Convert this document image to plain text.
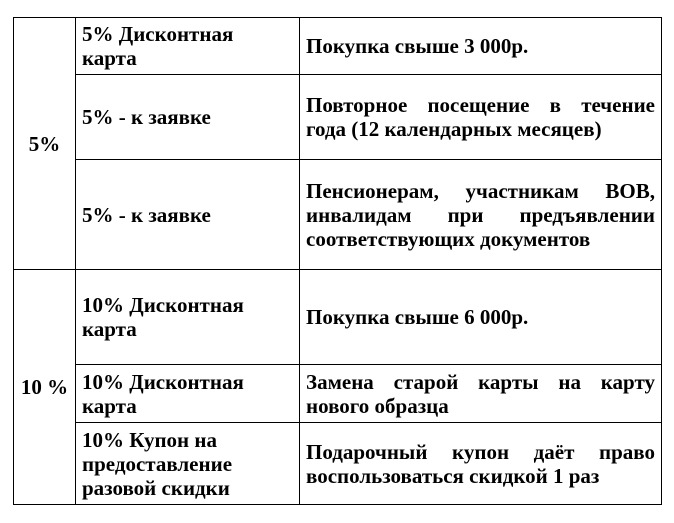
5%	5% Дисконтная карта	Покупка свыше 3 000р.
	5% - к заявке	Повторное посещение в течение года (12 календарных месяцев)
	5% - к заявке	Пенсионерам, участникам ВОВ, инвалидам при предъявлении соответствующих документов
10 %	10% Дисконтная карта	Покупка свыше 6 000р.
	10% Дисконтная карта	Замена старой карты на карту нового образца
	10% Купон на предоставление разовой скидки	Подарочный купон даёт право воспользоваться скидкой 1 раз
